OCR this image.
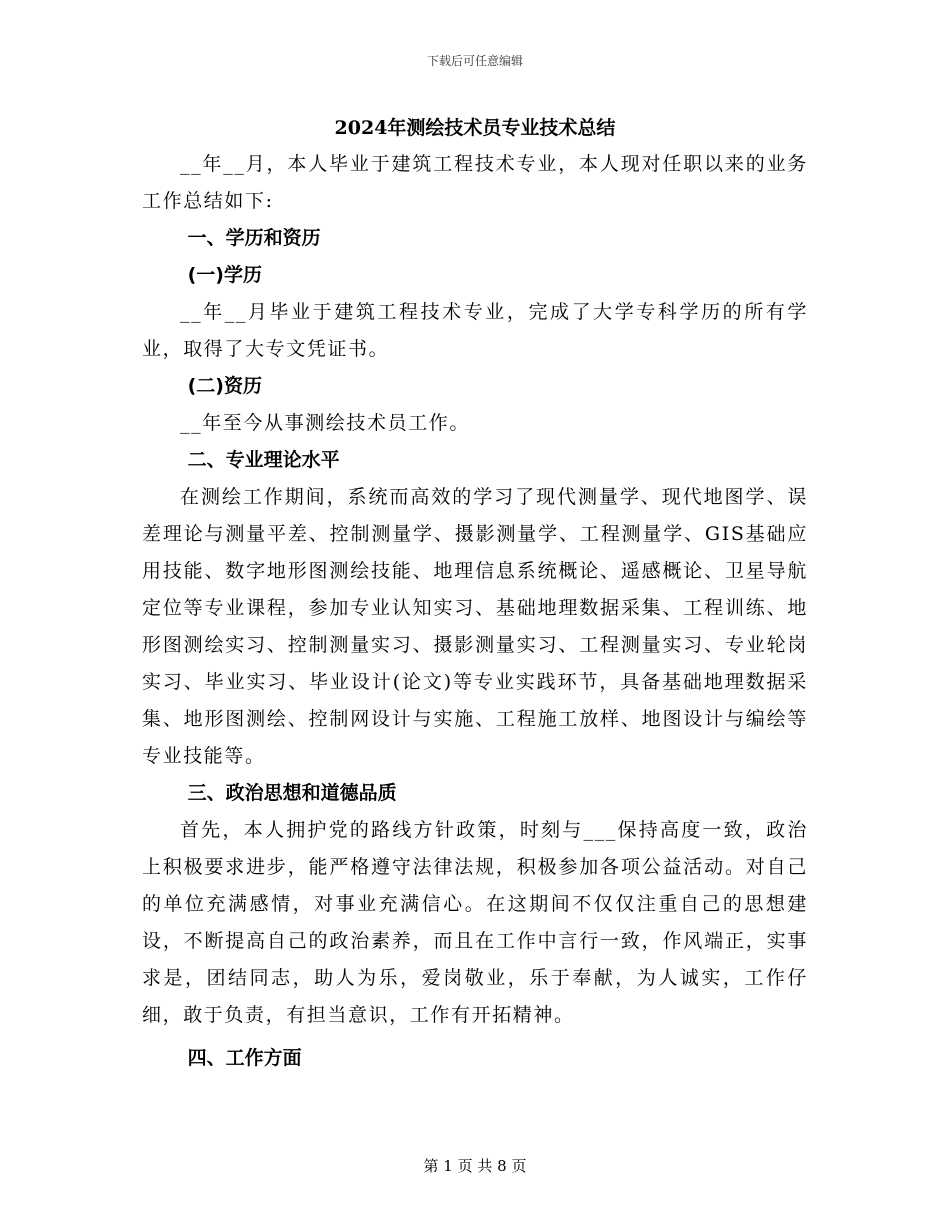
下载后可任意编辑
2024年测绘技术员专业技术总结

__年__月，本人毕业于建筑工程技术专业，本人现对任职以来的业务工作总结如下:

一、学历和资历

(一)学历

__年__月毕业于建筑工程技术专业，完成了大学专科学历的所有学业，取得了大专文凭证书。

(二)资历

__年至今从事测绘技术员工作。

二、专业理论水平

在测绘工作期间，系统而高效的学习了现代测量学、现代地图学、误差理论与测量平差、控制测量学、摄影测量学、工程测量学、GIS基础应用技能、数字地形图测绘技能、地理信息系统概论、遥感概论、卫星导航定位等专业课程，参加专业认知实习、基础地理数据采集、工程训练、地形图测绘实习、控制测量实习、摄影测量实习、工程测量实习、专业轮岗实习、毕业实习、毕业设计(论文)等专业实践环节，具备基础地理数据采集、地形图测绘、控制网设计与实施、工程施工放样、地图设计与编绘等专业技能等。

三、政治思想和道德品质

首先，本人拥护党的路线方针政策，时刻与___保持高度一致，政治上积极要求进步，能严格遵守法律法规，积极参加各项公益活动。对自己的单位充满感情，对事业充满信心。在这期间不仅仅注重自己的思想建设，不断提高自己的政治素养，而且在工作中言行一致，作风端正，实事求是，团结同志，助人为乐，爱岗敬业，乐于奉献，为人诚实，工作仔细，敢于负责，有担当意识，工作有开拓精神。

四、工作方面

第 1 页 共 8 页
